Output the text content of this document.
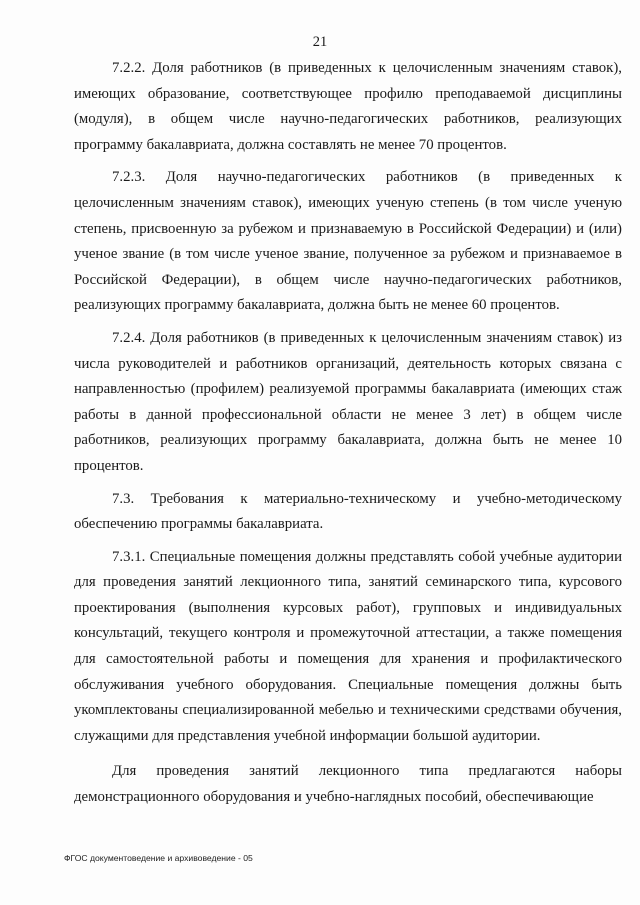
21

7.2.2. Доля работников (в приведенных к целочисленным значениям ставок), имеющих образование, соответствующее профилю преподаваемой дисциплины (модуля), в общем числе научно-педагогических работников, реализующих программу бакалавриата, должна составлять не менее 70 процентов.

7.2.3. Доля научно-педагогических работников (в приведенных к целочисленным значениям ставок), имеющих ученую степень (в том числе ученую степень, присвоенную за рубежом и признаваемую в Российской Федерации) и (или) ученое звание (в том числе ученое звание, полученное за рубежом и признаваемое в Российской Федерации), в общем числе научно-педагогических работников, реализующих программу бакалавриата, должна быть не менее 60 процентов.

7.2.4. Доля работников (в приведенных к целочисленным значениям ставок) из числа руководителей и работников организаций, деятельность которых связана с направленностью (профилем) реализуемой программы бакалавриата (имеющих стаж работы в данной профессиональной области не менее 3 лет) в общем числе работников, реализующих программу бакалавриата, должна быть не менее 10 процентов.

7.3. Требования к материально-техническому и учебно-методическому обеспечению программы бакалавриата.

7.3.1. Специальные помещения должны представлять собой учебные аудитории для проведения занятий лекционного типа, занятий семинарского типа, курсового проектирования (выполнения курсовых работ), групповых и индивидуальных консультаций, текущего контроля и промежуточной аттестации, а также помещения для самостоятельной работы и помещения для хранения и профилактического обслуживания учебного оборудования. Специальные помещения должны быть укомплектованы специализированной мебелью и техническими средствами обучения, служащими для представления учебной информации большой аудитории.

Для проведения занятий лекционного типа предлагаются наборы демонстрационного оборудования и учебно-наглядных пособий, обеспечивающие

ФГОС документоведение и архивоведение - 05
